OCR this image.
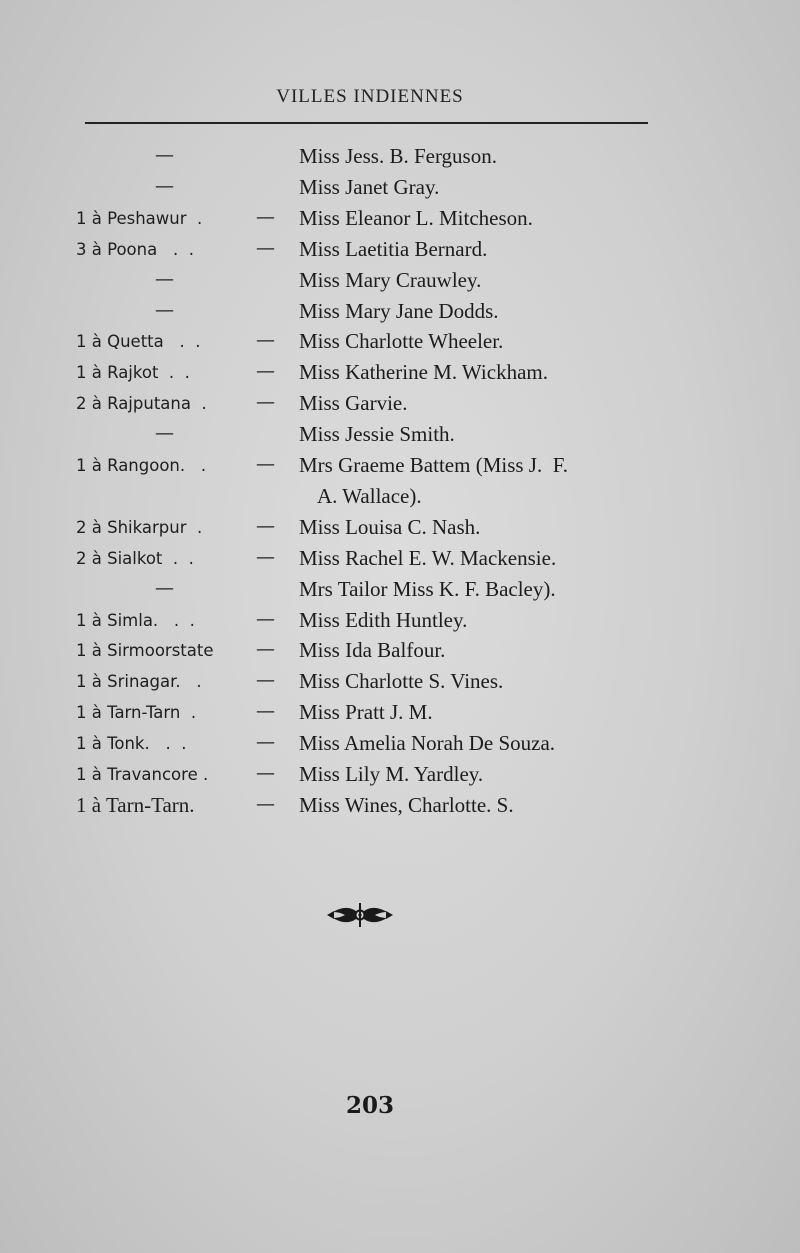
VILLES INDIENNES
—	Miss Jess. B. Ferguson.
—	Miss Janet Gray.
1 à Peshawur  .	— Miss Eleanor L. Mitcheson.
3 à Poona   .  .	— Miss Laetitia Bernard.
—	Miss Mary Crauwley.
—	Miss Mary Jane Dodds.
1 à Quetta   .  .	— Miss Charlotte Wheeler.
1 à Rajkot  .  .	— Miss Katherine M. Wickham.
2 à Rajputana  .	— Miss Garvie.
—	Miss Jessie Smith.
1 à Rangoon.   .	— Mrs Graeme Battem (Miss J.  F.
A. Wallace).
2 à Shikarpur  .	— Miss Louisa C. Nash.
2 à Sialkot  .  .	— Miss Rachel E. W. Mackensie.
—	Mrs Tailor Miss K. F. Bacley).
1 à Simla.   .  .	— Miss Edith Huntley.
1 à Sirmoorstate — Miss Ida Balfour.
1 à Srinagar.   .	— Miss Charlotte S. Vines.
1 à Tarn-Tarn  .	— Miss Pratt J. M.
1 à Tonk.   .  .	— Miss Amelia Norah De Souza.
1 à Travancore .	— Miss Lily M. Yardley.
1 à Tarn-Tarn.	— Miss Wines, Charlotte. S.
203
